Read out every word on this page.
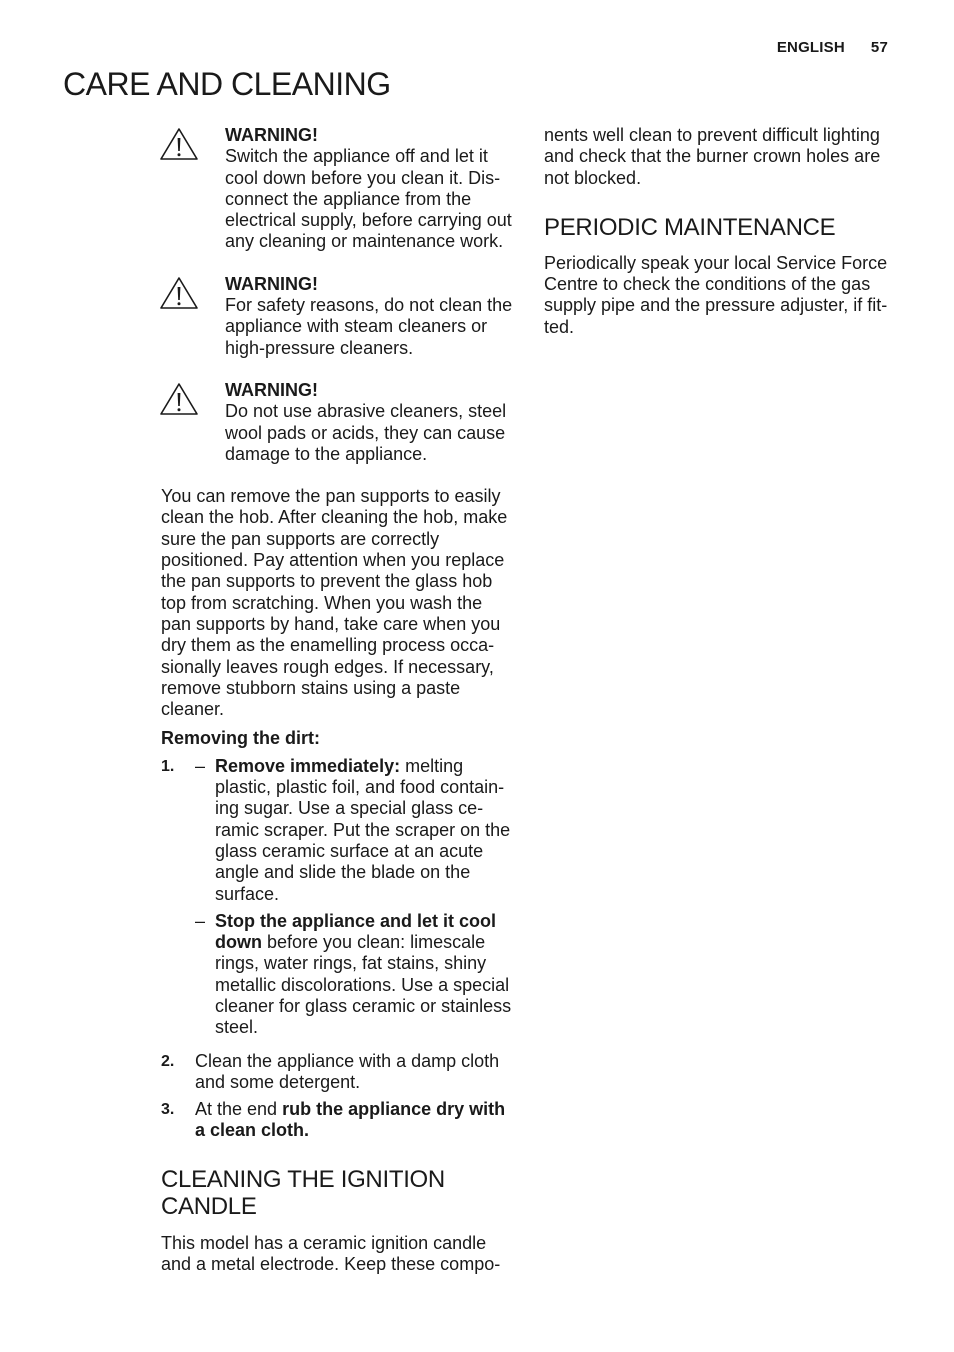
ENGLISH 57
CARE AND CLEANING

WARNING!

Switch the appliance off and let it cool down before you clean it. Dis-connect the appliance from the electrical supply, before carrying out any cleaning or maintenance work.

WARNING!

For safety reasons, do not clean the appliance with steam cleaners or high-pressure cleaners.

WARNING!

Do not use abrasive cleaners, steel wool pads or acids, they can cause damage to the appliance.

You can remove the pan supports to easily clean the hob. After cleaning the hob, make sure the pan supports are correctly positioned. Pay attention when you replace the pan supports to prevent the glass hob top from scratching. When you wash the pan supports by hand, take care when you dry them as the enamelling process occa-sionally leaves rough edges. If necessary, remove stubborn stains using a paste cleaner.

Removing the dirt:

1.	– Remove immediately: melting plastic, plastic foil, and food contain-ing sugar. Use a special glass ce-ramic scraper. Put the scraper on the glass ceramic surface at an acute angle and slide the blade on the surface.
– Stop the appliance and let it cool down before you clean: limescale rings, water rings, fat stains, shiny metallic discolorations. Use a special cleaner for glass ceramic or stainless steel.
2.	Clean the appliance with a damp cloth and some detergent.
3.	At the end rub the appliance dry with a clean cloth.
CLEANING THE IGNITION CANDLE

This model has a ceramic ignition candle and a metal electrode. Keep these compo-

nents well clean to prevent difficult lighting and check that the burner crown holes are not blocked.

PERIODIC MAINTENANCE

Periodically speak your local Service Force Centre to check the conditions of the gas supply pipe and the pressure adjuster, if fit-ted.
